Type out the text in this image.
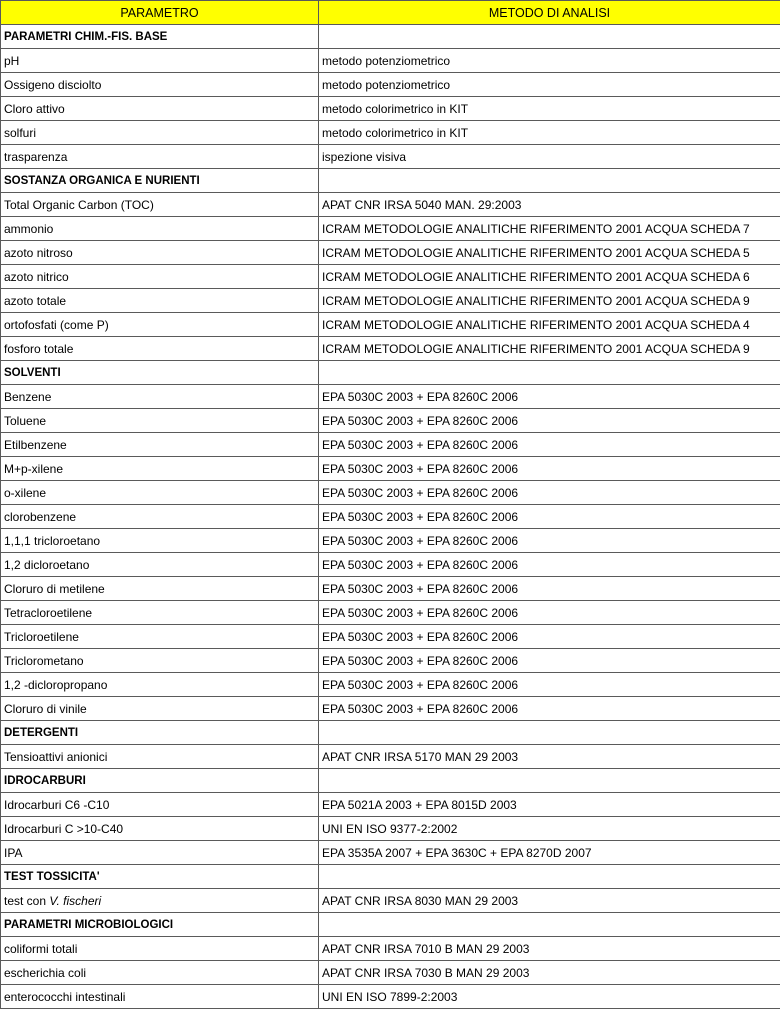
PARAMETRO	METODO DI ANALISI
PARAMETRI CHIM.-FIS. BASE	
pH	metodo potenziometrico
Ossigeno disciolto	metodo potenziometrico
Cloro attivo	metodo colorimetrico in KIT
solfuri	metodo colorimetrico in KIT
trasparenza	ispezione visiva
SOSTANZA ORGANICA E NURIENTI	
Total Organic Carbon (TOC)	APAT CNR IRSA 5040 MAN. 29:2003
ammonio	ICRAM METODOLOGIE ANALITICHE RIFERIMENTO 2001 ACQUA SCHEDA 7
azoto nitroso	ICRAM METODOLOGIE ANALITICHE RIFERIMENTO 2001 ACQUA SCHEDA 5
azoto nitrico	ICRAM METODOLOGIE ANALITICHE RIFERIMENTO 2001 ACQUA SCHEDA 6
azoto totale	ICRAM METODOLOGIE ANALITICHE RIFERIMENTO 2001 ACQUA SCHEDA 9
ortofosfati (come P)	ICRAM METODOLOGIE ANALITICHE RIFERIMENTO 2001 ACQUA SCHEDA 4
fosforo totale	ICRAM METODOLOGIE ANALITICHE RIFERIMENTO 2001 ACQUA SCHEDA 9
SOLVENTI	
Benzene	EPA 5030C 2003 + EPA 8260C 2006
Toluene	EPA 5030C 2003 + EPA 8260C 2006
Etilbenzene	EPA 5030C 2003 + EPA 8260C 2006
M+p-xilene	EPA 5030C 2003 + EPA 8260C 2006
o-xilene	EPA 5030C 2003 + EPA 8260C 2006
clorobenzene	EPA 5030C 2003 + EPA 8260C 2006
1,1,1 tricloroetano	EPA 5030C 2003 + EPA 8260C 2006
1,2 dicloroetano	EPA 5030C 2003 + EPA 8260C 2006
Cloruro di metilene	EPA 5030C 2003 + EPA 8260C 2006
Tetracloroetilene	EPA 5030C 2003 + EPA 8260C 2006
Tricloroetilene	EPA 5030C 2003 + EPA 8260C 2006
Triclorometano	EPA 5030C 2003 + EPA 8260C 2006
1,2 -dicloropropano	EPA 5030C 2003 + EPA 8260C 2006
Cloruro di vinile	EPA 5030C 2003 + EPA 8260C 2006
DETERGENTI	
Tensioattivi anionici	APAT CNR IRSA 5170 MAN 29 2003
IDROCARBURI	
Idrocarburi C6 -C10	EPA 5021A 2003 + EPA 8015D 2003
Idrocarburi C >10-C40	UNI EN ISO 9377-2:2002
IPA	EPA 3535A 2007 + EPA 3630C + EPA 8270D 2007
TEST TOSSICITA'	
test con V. fischeri	APAT CNR IRSA 8030 MAN 29 2003
PARAMETRI MICROBIOLOGICI	
coliformi totali	APAT CNR IRSA 7010 B MAN 29 2003
escherichia coli	APAT CNR IRSA 7030 B MAN 29 2003
enterococchi intestinali	UNI EN ISO 7899-2:2003
